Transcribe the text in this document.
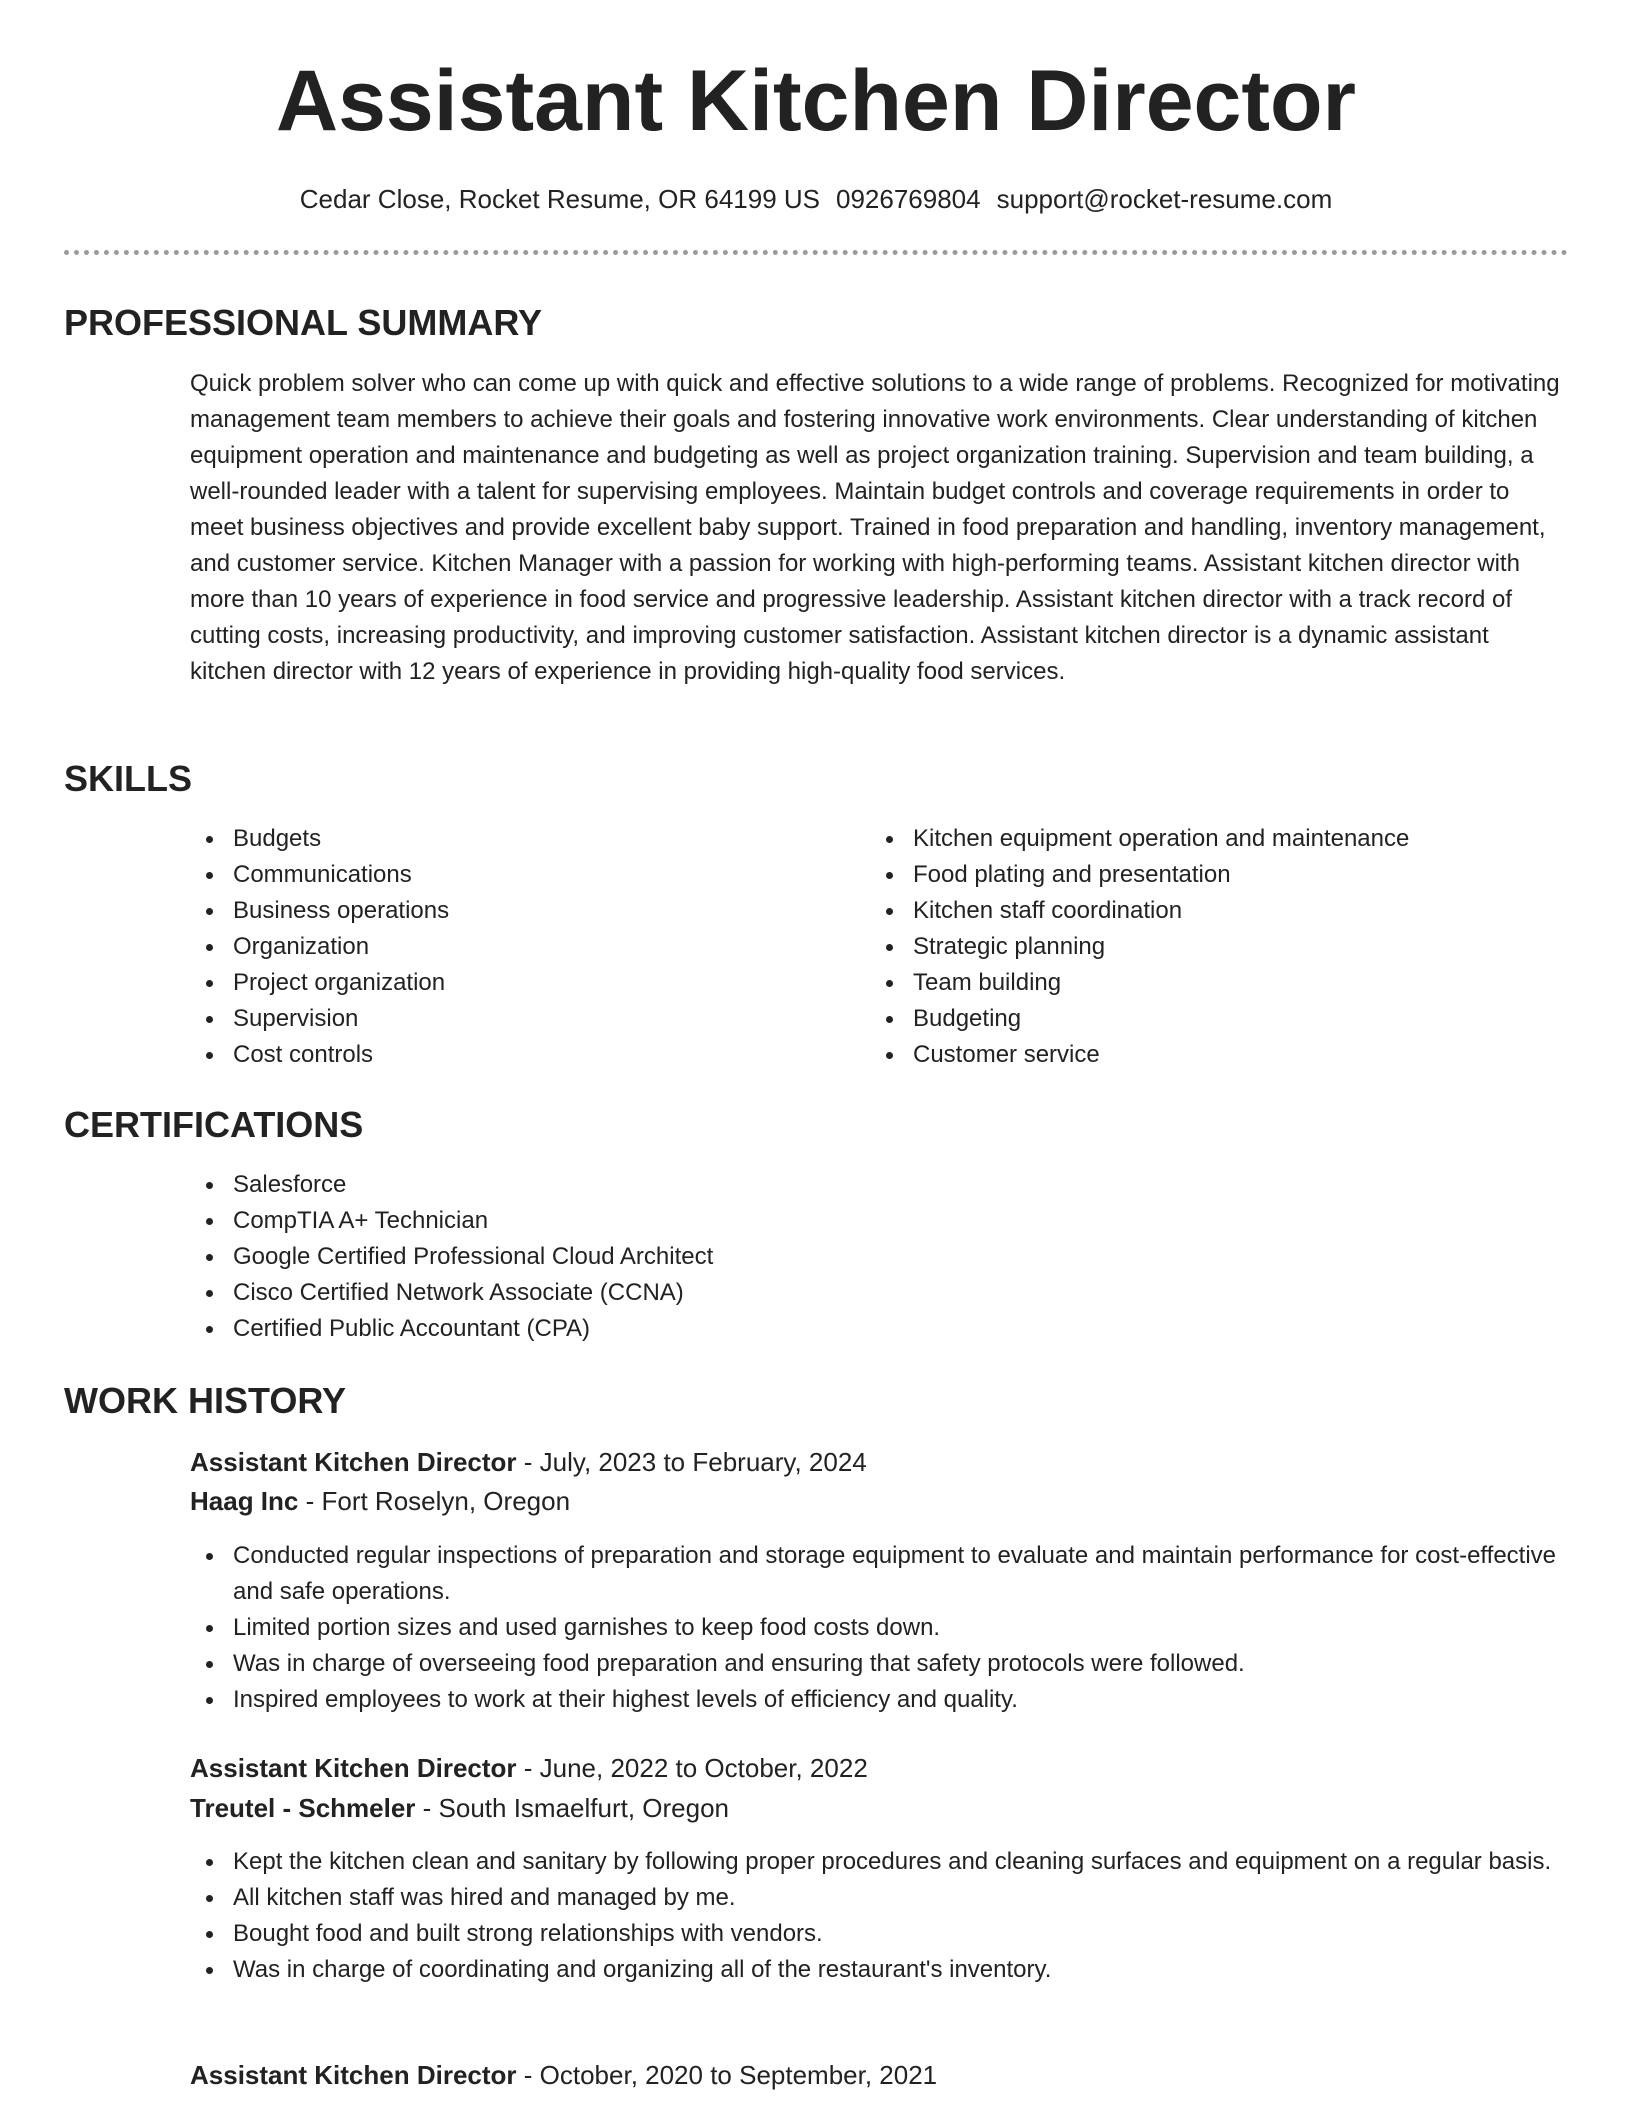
Assistant Kitchen Director
Cedar Close, Rocket Resume, OR 64199 US 0926769804 support@rocket-resume.com
PROFESSIONAL SUMMARY

Quick problem solver who can come up with quick and effective solutions to a wide range of problems. Recognized for motivating management team members to achieve their goals and fostering innovative work environments. Clear understanding of kitchen equipment operation and maintenance and budgeting as well as project organization training. Supervision and team building, a well-rounded leader with a talent for supervising employees. Maintain budget controls and coverage requirements in order to meet business objectives and provide excellent baby support. Trained in food preparation and handling, inventory management, and customer service. Kitchen Manager with a passion for working with high-performing teams. Assistant kitchen director with more than 10 years of experience in food service and progressive leadership. Assistant kitchen director with a track record of cutting costs, increasing productivity, and improving customer satisfaction. Assistant kitchen director is a dynamic assistant kitchen director with 12 years of experience in providing high-quality food services.

SKILLS
Budgets
Communications
Business operations
Organization
Project organization
Supervision
Cost controls
Kitchen equipment operation and maintenance
Food plating and presentation
Kitchen staff coordination
Strategic planning
Team building
Budgeting
Customer service
CERTIFICATIONS
Salesforce
CompTIA A+ Technician
Google Certified Professional Cloud Architect
Cisco Certified Network Associate (CCNA)
Certified Public Accountant (CPA)
WORK HISTORY
Assistant Kitchen Director - July, 2023 to February, 2024
Haag Inc - Fort Roselyn, Oregon
Conducted regular inspections of preparation and storage equipment to evaluate and maintain performance for cost-effective and safe operations.
Limited portion sizes and used garnishes to keep food costs down.
Was in charge of overseeing food preparation and ensuring that safety protocols were followed.
Inspired employees to work at their highest levels of efficiency and quality.
Assistant Kitchen Director - June, 2022 to October, 2022
Treutel - Schmeler - South Ismaelfurt, Oregon
Kept the kitchen clean and sanitary by following proper procedures and cleaning surfaces and equipment on a regular basis.
All kitchen staff was hired and managed by me.
Bought food and built strong relationships with vendors.
Was in charge of coordinating and organizing all of the restaurant's inventory.
Assistant Kitchen Director - October, 2020 to September, 2021
